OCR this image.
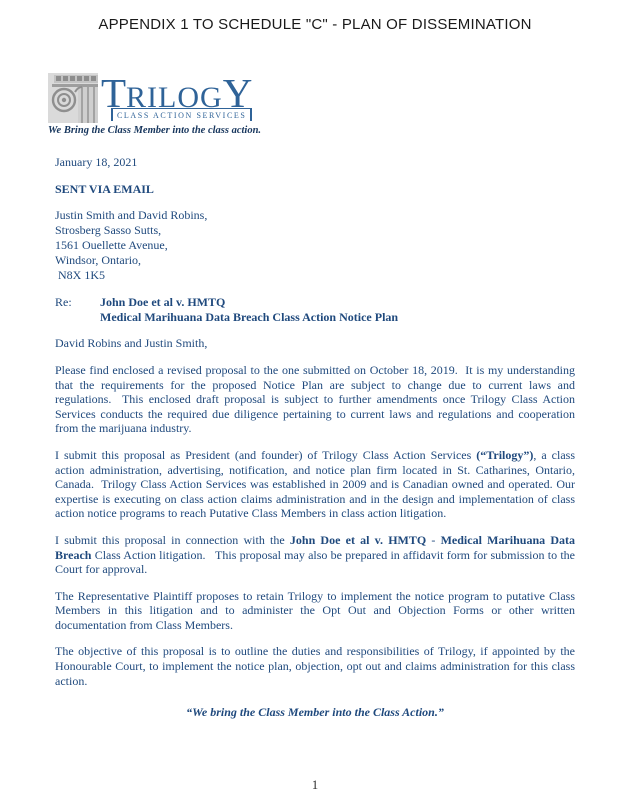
APPENDIX 1 TO SCHEDULE "C" - PLAN OF DISSEMINATION
TRILOGY
CLASS ACTION SERVICES
We Bring the Class Member into the class action.
January 18, 2021
SENT VIA EMAIL
Justin Smith and David Robins,
Strosberg Sasso Sutts,
1561 Ouellette Avenue,
Windsor, Ontario,
N8X 1K5
Re:	John Doe et al v. HMTQ
Medical Marihuana Data Breach Class Action Notice Plan
David Robins and Justin Smith,

Please find enclosed a revised proposal to the one submitted on October 18, 2019.  It is my understanding that the requirements for the proposed Notice Plan are subject to change due to current laws and regulations.  This enclosed draft proposal is subject to further amendments once Trilogy Class Action Services conducts the required due diligence pertaining to current laws and regulations and cooperation from the marijuana industry.

I submit this proposal as President (and founder) of Trilogy Class Action Services (“Trilogy”), a class action administration, advertising, notification, and notice plan firm located in St. Catharines, Ontario, Canada.  Trilogy Class Action Services was established in 2009 and is Canadian owned and operated. Our expertise is executing on class action claims administration and in the design and implementation of class action notice programs to reach Putative Class Members in class action litigation.

I submit this proposal in connection with the John Doe et al v. HMTQ - Medical Marihuana Data Breach Class Action litigation.   This proposal may also be prepared in affidavit form for submission to the Court for approval.

The Representative Plaintiff proposes to retain Trilogy to implement the notice program to putative Class Members in this litigation and to administer the Opt Out and Objection Forms or other written documentation from Class Members.

The objective of this proposal is to outline the duties and responsibilities of Trilogy, if appointed by the Honourable Court, to implement the notice plan, objection, opt out and claims administration for this class action.

“We bring the Class Member into the Class Action.”
1
